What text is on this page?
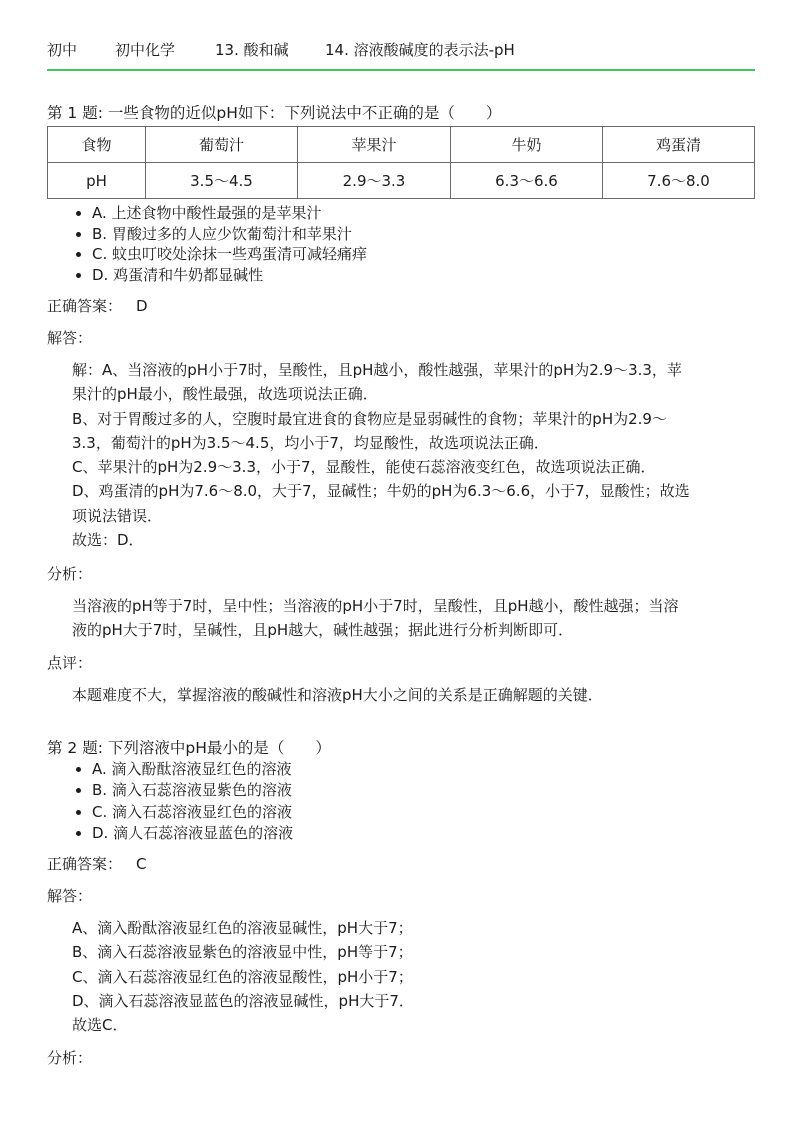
初中	初中化学	13. 酸和碱 14. 溶液酸碱度的表示法-pH
第 1 题: 一些食物的近似pH如下：下列说法中不正确的是（　　）
食物	葡萄汁	苹果汁	牛奶	鸡蛋清
pH	3.5～4.5	2.9～3.3	6.3～6.6	7.6～8.0
• A. 上述食物中酸性最强的是苹果汁
• B. 胃酸过多的人应少饮葡萄汁和苹果汁
• C. 蚊虫叮咬处涂抹一些鸡蛋清可减轻痛痒
• D. 鸡蛋清和牛奶都显碱性
正确答案： D
解答：
解：A、当溶液的pH小于7时，呈酸性，且pH越小，酸性越强，苹果汁的pH为2.9～3.3，苹
果汁的pH最小，酸性最强，故选项说法正确．
B、对于胃酸过多的人，空腹时最宜进食的食物应是显弱碱性的食物；苹果汁的pH为2.9～
3.3，葡萄汁的pH为3.5～4.5，均小于7，均显酸性，故选项说法正确．
C、苹果汁的pH为2.9～3.3，小于7，显酸性，能使石蕊溶液变红色，故选项说法正确．
D、鸡蛋清的pH为7.6～8.0，大于7，显碱性；牛奶的pH为6.3～6.6，小于7，显酸性；故选
项说法错误．
故选：D．
分析：
当溶液的pH等于7时，呈中性；当溶液的pH小于7时，呈酸性，且pH越小，酸性越强；当溶
液的pH大于7时，呈碱性，且pH越大，碱性越强；据此进行分析判断即可．
点评：
本题难度不大，掌握溶液的酸碱性和溶液pH大小之间的关系是正确解题的关键．
第 2 题: 下列溶液中pH最小的是（　　）
• A. 滴入酚酞溶液显红色的溶液
• B. 滴入石蕊溶液显紫色的溶液
• C. 滴入石蕊溶液显红色的溶液
• D. 滴人石蕊溶液显蓝色的溶液
正确答案： C
解答：
A、滴入酚酞溶液显红色的溶液显碱性，pH大于7；
B、滴入石蕊溶液显紫色的溶液显中性，pH等于7；
C、滴入石蕊溶液显红色的溶液显酸性，pH小于7；
D、滴入石蕊溶液显蓝色的溶液显碱性，pH大于7．
故选C．
分析：
